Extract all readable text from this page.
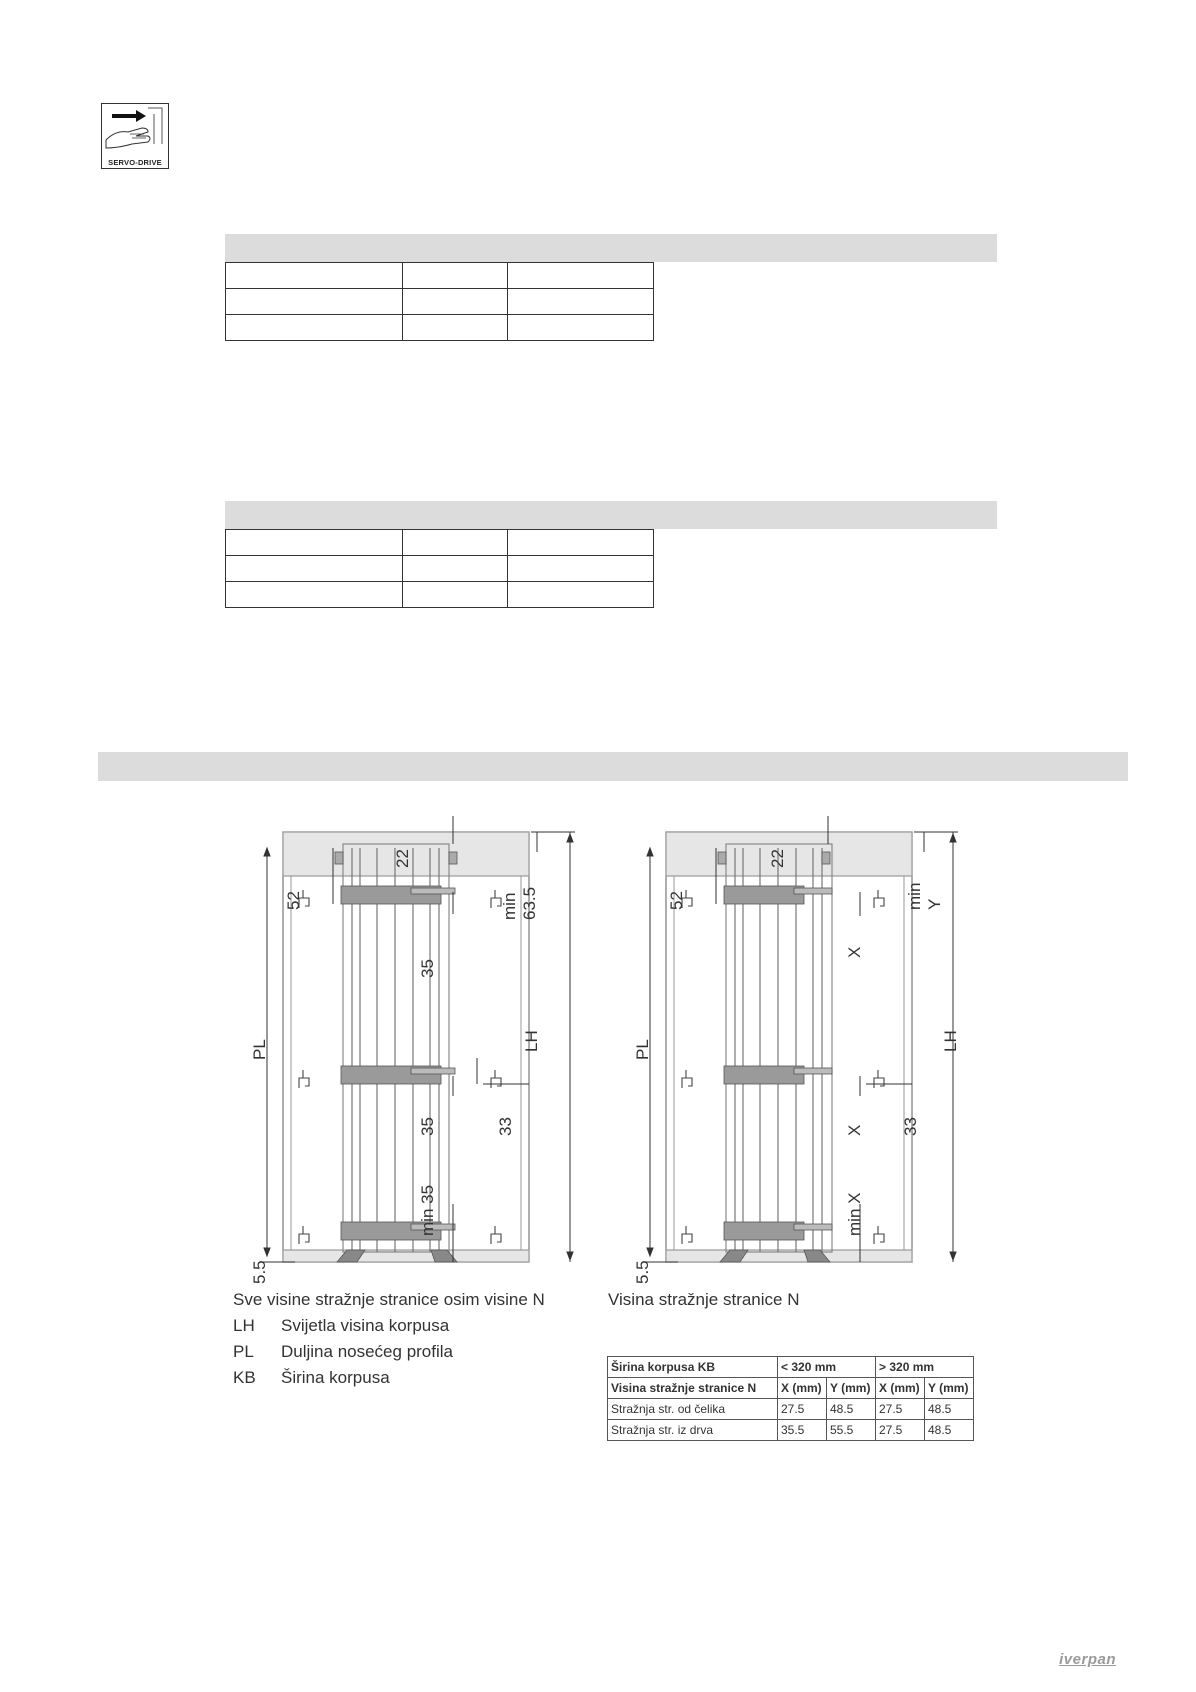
SERVO-DRIVE

22
52
35
35
min 35
33
min63.5
LH
PL
5.5
22
52
X
X
min X
33
minY
LH
PL
5.5
Sve visine stražnje stranice osim visine N	Visina stražnje stranice N
LH Svijetla visina korpusa
PL Duljina nosećeg profila
KB Širina korpusa
Širina korpusa KB	< 320 mm		> 320 mm	
Visina stražnje stranice N	X (mm)	Y (mm)	X (mm)	Y (mm)
Stražnja str. od čelika	27.5	48.5	27.5	48.5
Stražnja str. iz drva	35.5	55.5	27.5	48.5
iverpan
